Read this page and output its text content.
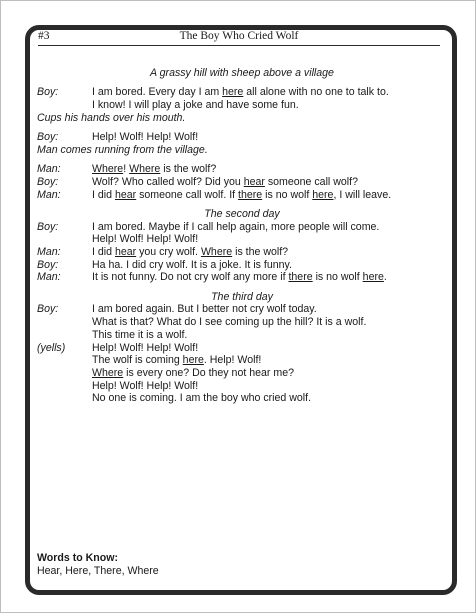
#3	The Boy Who Cried Wolf
A grassy hill with sheep above a village
Boy:	I am bored. Every day I am here all alone with no one to talk to.
I know! I will play a joke and have some fun.
Cups his hands over his mouth.
Boy:	Help! Wolf! Help! Wolf!
Man comes running from the village.
Man:	Where! Where is the wolf?
Boy:	Wolf? Who called wolf? Did you hear someone call wolf?
Man:	I did hear someone call wolf. If there is no wolf here, I will leave.
The second day
Boy:	I am bored. Maybe if I call help again, more people will come.
Help! Wolf! Help! Wolf!
Man:	I did hear you cry wolf. Where is the wolf?
Boy:	Ha ha. I did cry wolf. It is a joke. It is funny.
Man:	It is not funny. Do not cry wolf any more if there is no wolf here.
The third day
Boy:	I am bored again. But I better not cry wolf today.
What is that? What do I see coming up the hill? It is a wolf.
This time it is a wolf.
(yells)	Help! Wolf! Help! Wolf!
The wolf is coming here. Help! Wolf!
Where is every one? Do they not hear me?
Help! Wolf! Help! Wolf!
No one is coming. I am the boy who cried wolf.
Words to Know:
Hear, Here, There, Where
